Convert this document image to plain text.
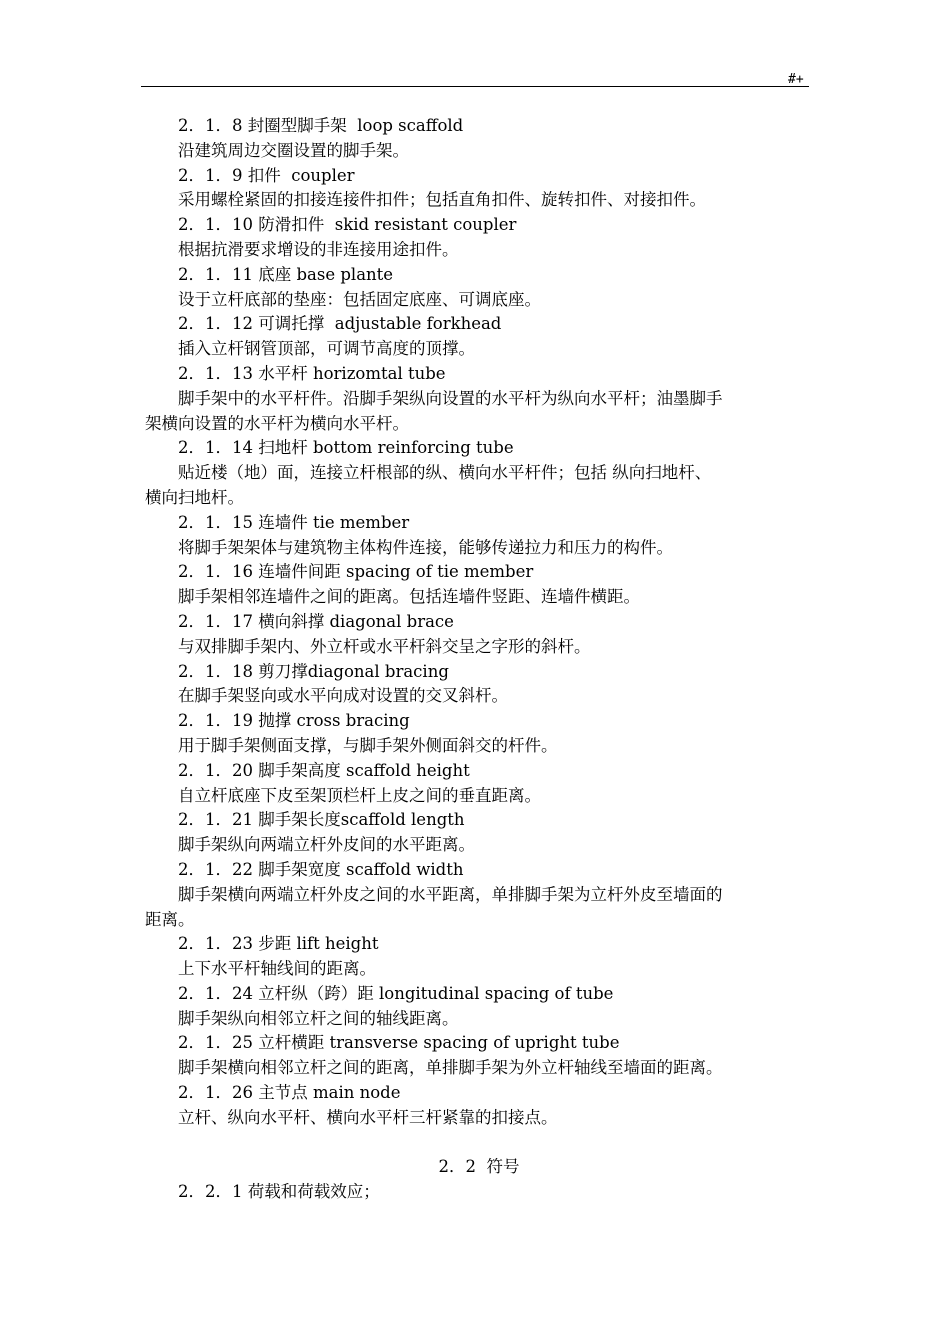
#+
2．1．8 封圈型脚手架  loop scaffold
沿建筑周边交圈设置的脚手架。
2．1．9 扣件  coupler
采用螺栓紧固的扣接连接件扣件；包括直角扣件、旋转扣件、对接扣件。
2．1．10 防滑扣件  skid resistant coupler
根据抗滑要求增设的非连接用途扣件。
2．1．11 底座 base plante
设于立杆底部的垫座：包括固定底座、可调底座。
2．1．12 可调托撑  adjustable forkhead
插入立杆钢管顶部，可调节高度的顶撑。
2．1．13 水平杆 horizomtal tube
脚手架中的水平杆件。沿脚手架纵向设置的水平杆为纵向水平杆；油墨脚手
架横向设置的水平杆为横向水平杆。
2．1．14 扫地杆 bottom reinforcing tube
贴近楼（地）面，连接立杆根部的纵、横向水平杆件；包括 纵向扫地杆、
横向扫地杆。
2．1．15 连墙件 tie member
将脚手架架体与建筑物主体构件连接，能够传递拉力和压力的构件。
2．1．16 连墙件间距 spacing of tie member
脚手架相邻连墙件之间的距离。包括连墙件竖距、连墙件横距。
2．1．17 横向斜撑 diagonal brace
与双排脚手架内、外立杆或水平杆斜交呈之字形的斜杆。
2．1．18 剪刀撑diagonal bracing
在脚手架竖向或水平向成对设置的交叉斜杆。
2．1．19 抛撑 cross bracing
用于脚手架侧面支撑，与脚手架外侧面斜交的杆件。
2．1．20 脚手架高度 scaffold height
自立杆底座下皮至架顶栏杆上皮之间的垂直距离。
2．1．21 脚手架长度scaffold length
脚手架纵向两端立杆外皮间的水平距离。
2．1．22 脚手架宽度 scaffold width
脚手架横向两端立杆外皮之间的水平距离，单排脚手架为立杆外皮至墙面的
距离。
2．1．23 步距 lift height
上下水平杆轴线间的距离。
2．1．24 立杆纵（跨）距 longitudinal spacing of tube
脚手架纵向相邻立杆之间的轴线距离。
2．1．25 立杆横距 transverse spacing of upright tube
脚手架横向相邻立杆之间的距离，单排脚手架为外立杆轴线至墙面的距离。
2．1．26 主节点 main node
立杆、纵向水平杆、横向水平杆三杆紧靠的扣接点。
2．2  符号
2．2．1 荷载和荷载效应；
